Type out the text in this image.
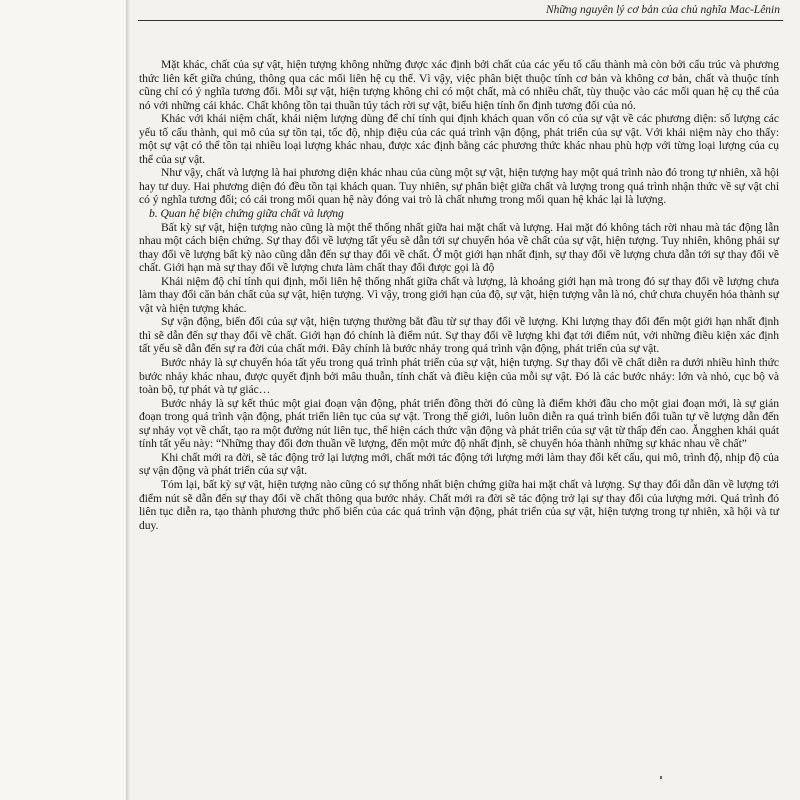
Những nguyên lý cơ bản của chủ nghĩa Mac-Lênin

Mặt khác, chất của sự vật, hiện tượng không những được xác định bởi chất của các yếu tố cấu thành mà còn bởi cấu trúc và phương thức liên kết giữa chúng, thông qua các mối liên hệ cụ thể. Vì vậy, việc phân biệt thuộc tính cơ bản và không cơ bản, chất và thuộc tính cũng chỉ có ý nghĩa tương đối. Mỗi sự vật, hiện tượng không chỉ có một chất, mà có nhiều chất, tùy thuộc vào các mối quan hệ cụ thể của nó với những cái khác. Chất không tồn tại thuần túy tách rời sự vật, biểu hiện tính ổn định tương đối của nó.

Khác với khái niệm chất, khái niệm lượng dùng để chỉ tính qui định khách quan vốn có của sự vật về các phương diện: số lượng các yếu tố cấu thành, qui mô của sự tồn tại, tốc độ, nhịp điệu của các quá trình vận động, phát triển của sự vật. Với khái niệm này cho thấy: một sự vật có thể tồn tại nhiều loại lượng khác nhau, được xác định bằng các phương thức khác nhau phù hợp với từng loại lượng của cụ thể của sự vật.

Như vậy, chất và lượng là hai phương diện khác nhau của cùng một sự vật, hiện tượng hay một quá trình nào đó trong tự nhiên, xã hội hay tư duy. Hai phương diện đó đều tồn tại khách quan. Tuy nhiên, sự phân biệt giữa chất và lượng trong quá trình nhận thức về sự vật chỉ có ý nghĩa tương đối; có cái trong mối quan hệ này đóng vai trò là chất nhưng trong mối quan hệ khác lại là lượng.

b. Quan hệ biện chứng giữa chất và lượng

Bất kỳ sự vật, hiện tượng nào cũng là một thể thống nhất giữa hai mặt chất và lượng. Hai mặt đó không tách rời nhau mà tác động lẫn nhau một cách biện chứng. Sự thay đổi về lượng tất yếu sẽ dẫn tới sự chuyển hóa về chất của sự vật, hiện tượng. Tuy nhiên, không phải sự thay đổi về lượng bất kỳ nào cũng dẫn đến sự thay đổi về chất. Ở một giới hạn nhất định, sự thay đổi về lượng chưa dẫn tới sự thay đổi về chất. Giới hạn mà sự thay đổi về lượng chưa làm chất thay đổi được gọi là độ

Khái niệm độ chỉ tính qui định, mối liên hệ thống nhất giữa chất và lượng, là khoảng giới hạn mà trong đó sự thay đổi về lượng chưa làm thay đổi căn bản chất của sự vật, hiện tượng. Vì vậy, trong giới hạn của độ, sự vật, hiện tượng vẫn là nó, chứ chưa chuyển hóa thành sự vật và hiện tượng khác.

Sự vận động, biến đổi của sự vật, hiện tượng thường bắt đầu từ sự thay đổi về lượng. Khi lượng thay đổi đến một giới hạn nhất định thì sẽ dẫn đến sự thay đổi về chất. Giới hạn đó chính là điểm nút. Sự thay đổi về lượng khi đạt tới điểm nút, với những điều kiện xác định tất yếu sẽ dẫn đến sự ra đời của chất mới. Đây chính là bước nhảy trong quá trình vận động, phát triển của sự vật.

Bước nhảy là sự chuyển hóa tất yếu trong quá trình phát triển của sự vật, hiện tượng. Sự thay đổi về chất diễn ra dưới nhiều hình thức bước nhảy khác nhau, được quyết định bởi mâu thuẫn, tính chất và điều kiện của mỗi sự vật. Đó là các bước nhảy: lớn và nhỏ, cục bộ và toàn bộ, tự phát và tự giác…

Bước nhảy là sự kết thúc một giai đoạn vận động, phát triển đồng thời đó cũng là điểm khởi đầu cho một giai đoạn mới, là sự gián đoạn trong quá trình vận động, phát triển liên tục của sự vật. Trong thế giới, luôn luôn diễn ra quá trình biến đổi tuần tự về lượng dẫn đến sự nhảy vọt về chất, tạo ra một đường nút liên tục, thể hiện cách thức vận động và phát triển của sự vật từ thấp đến cao. Ăngghen khái quát tính tất yếu này: “Những thay đổi đơn thuần về lượng, đến một mức độ nhất định, sẽ chuyển hóa thành những sự khác nhau về chất”

Khi chất mới ra đời, sẽ tác động trở lại lượng mới, chất mới tác động tới lượng mới làm thay đổi kết cấu, qui mô, trình độ, nhịp độ của sự vận động và phát triển của sự vật.

Tóm lại, bất kỳ sự vật, hiện tượng nào cũng có sự thống nhất biện chứng giữa hai mặt chất và lượng. Sự thay đổi dẫn dần về lượng tới điểm nút sẽ dẫn đến sự thay đổi về chất thông qua bước nhảy. Chất mới ra đời sẽ tác động trở lại sự thay đổi của lượng mới. Quá trình đó liên tục diễn ra, tạo thành phương thức phổ biến của các quá trình vận động, phát triển của sự vật, hiện tượng trong tự nhiên, xã hội và tư duy.
